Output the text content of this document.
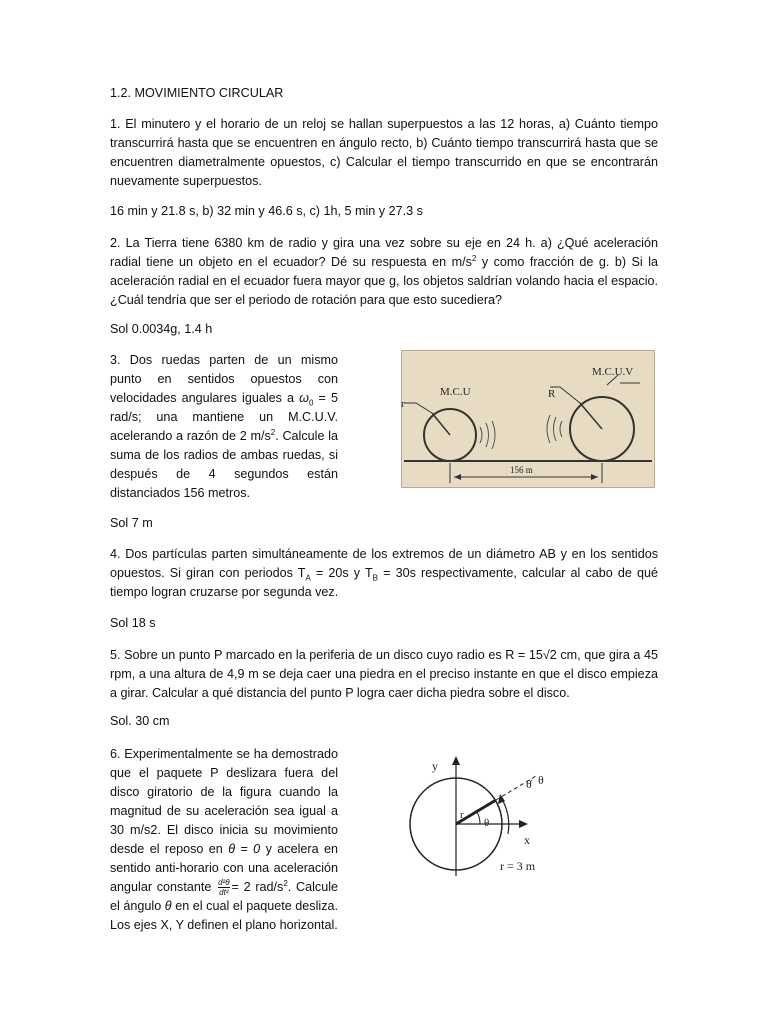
1.2. MOVIMIENTO CIRCULAR

1. El minutero y el horario de un reloj se hallan superpuestos a las 12 horas, a) Cuánto tiempo transcurrirá hasta que se encuentren en ángulo recto, b) Cuánto tiempo transcurrirá hasta que se encuentren diametralmente opuestos, c) Calcular el tiempo transcurrido en que se encontrarán nuevamente superpuestos.

16 min y 21.8 s, b) 32 min y 46.6 s, c) 1h, 5 min y 27.3 s

2. La Tierra tiene 6380 km de radio y gira una vez sobre su eje en 24 h. a) ¿Qué aceleración radial tiene un objeto en el ecuador? Dé su respuesta en $m/s^2$ y como fracción de g. b) Si la aceleración radial en el ecuador fuera mayor que g, los objetos saldrían volando hacia el espacio. ¿Cuál tendría que ser el periodo de rotación para que esto sucediera?

Sol 0.0034g, 1.4 h

3. Dos ruedas parten de un mismo punto en sentidos opuestos con velocidades angulares iguales a $\omega_0 = 5$ rad/s; una mantiene un M.C.U.V. acelerando a razón de 2 $m/s^2$. Calcule la suma de los radios de ambas ruedas, si después de 4 segundos están distanciados 156 metros.

M.C.U
M.C.U.V
r
R
156 m

Sol 7 m

4. Dos partículas parten simultáneamente de los extremos de un diámetro AB y en los sentidos opuestos. Si giran con periodos $T_A = 20s$ y $T_B = 30s$ respectivamente, calcular al cabo de qué tiempo logran cruzarse por segunda vez.

Sol 18 s

5. Sobre un punto P marcado en la periferia de un disco cuyo radio es R = 15√2 cm, que gira a 45 rpm, a una altura de 4,9 m se deja caer una piedra en el preciso instante en que el disco empieza a girar. Calcular a qué distancia del punto P logra caer dicha piedra sobre el disco.

Sol. 30 cm

6. Experimentalmente se ha demostrado que el paquete P deslizara fuera del disco giratorio de la figura cuando la magnitud de su aceleración sea igual a 30 m/s2. El disco inicia su movimiento desde el reposo en θ = 0 y acelera en sentido anti-horario con una aceleración angular constante $\frac{\text{d²θ}}{\text{dt²}} = 2$ rad/$s^2$. Calcule el ángulo θ en el cual el paquete desliza. Los ejes X, Y definen el plano horizontal.

y
x
r
θ
θ̇ θ
r = 3 m
